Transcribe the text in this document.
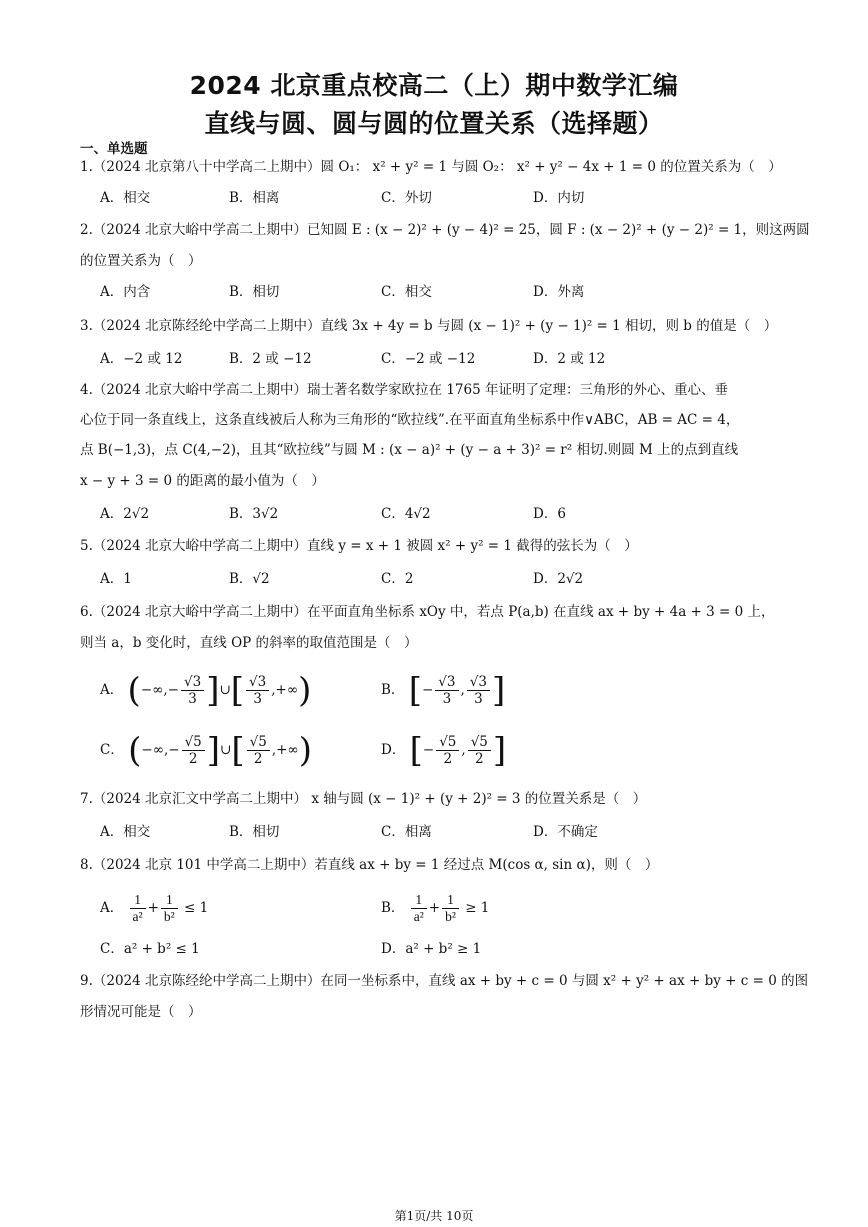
2024 北京重点校高二（上）期中数学汇编
直线与圆、圆与圆的位置关系（选择题）
一、单选题
1.（2024 北京第八十中学高二上期中）圆 O₁： x² + y² = 1 与圆 O₂： x² + y² − 4x + 1 = 0 的位置关系为（　）
A．相交	B．相离	C．外切	D．内切
2.（2024 北京大峪中学高二上期中）已知圆 E : (x − 2)² + (y − 4)² = 25，圆 F : (x − 2)² + (y − 2)² = 1，则这两圆
的位置关系为（　）
A．内含	B．相切	C．相交	D．外离
3.（2024 北京陈经纶中学高二上期中）直线 3x + 4y = b 与圆 (x − 1)² + (y − 1)² = 1 相切，则 b 的值是（　）
A．−2 或 12	B．2 或 −12	C．−2 或 −12	D．2 或 12
4.（2024 北京大峪中学高二上期中）瑞士著名数学家欧拉在 1765 年证明了定理：三角形的外心、重心、垂
心位于同一条直线上，这条直线被后人称为三角形的“欧拉线”.在平面直角坐标系中作∨ABC，AB = AC = 4，
点 B(−1,3)，点 C(4,−2)，且其“欧拉线”与圆 M : (x − a)² + (y − a + 3)² = r² 相切.则圆 M 上的点到直线
x − y + 3 = 0 的距离的最小值为（　）
A．2√2	B．3√2	C．4√2	D．6
5.（2024 北京大峪中学高二上期中）直线 y = x + 1 被圆 x² + y² = 1 截得的弦长为（　）
A．1	B．√2	C．2	D．2√2
6.（2024 北京大峪中学高二上期中）在平面直角坐标系 xOy 中，若点 P(a,b) 在直线 ax + by + 4a + 3 = 0 上，
则当 a，b 变化时，直线 OP 的斜率的取值范围是（　）
A． (−∞,− $\frac{√3}{3}$ ]∪[ $\frac{√3}{3}$ ,+∞)	B． [− $\frac{√3}{3}$ , $\frac{√3}{3}$ ]
C． (−∞,− $\frac{√5}{2}$ ]∪[ $\frac{√5}{2}$ ,+∞)	D． [− $\frac{√5}{2}$ , $\frac{√5}{2}$ ]
7.（2024 北京汇文中学高二上期中） x 轴与圆 (x − 1)² + (y + 2)² = 3 的位置关系是（　）
A．相交	B．相切	C．相离	D．不确定
8.（2024 北京 101 中学高二上期中）若直线 ax + by = 1 经过点 M(cos α, sin α)，则（　）
A． $\frac{1}{\text{a²}} + \frac{1}{\text{b²}} \le 1$	B． $\frac{1}{\text{a²}} + \frac{1}{\text{b²}} \ge 1$
C．a² + b² ≤ 1	D．a² + b² ≥ 1
9.（2024 北京陈经纶中学高二上期中）在同一坐标系中，直线 ax + by + c = 0 与圆 x² + y² + ax + by + c = 0 的图
形情况可能是（　）
第1页/共 10页
